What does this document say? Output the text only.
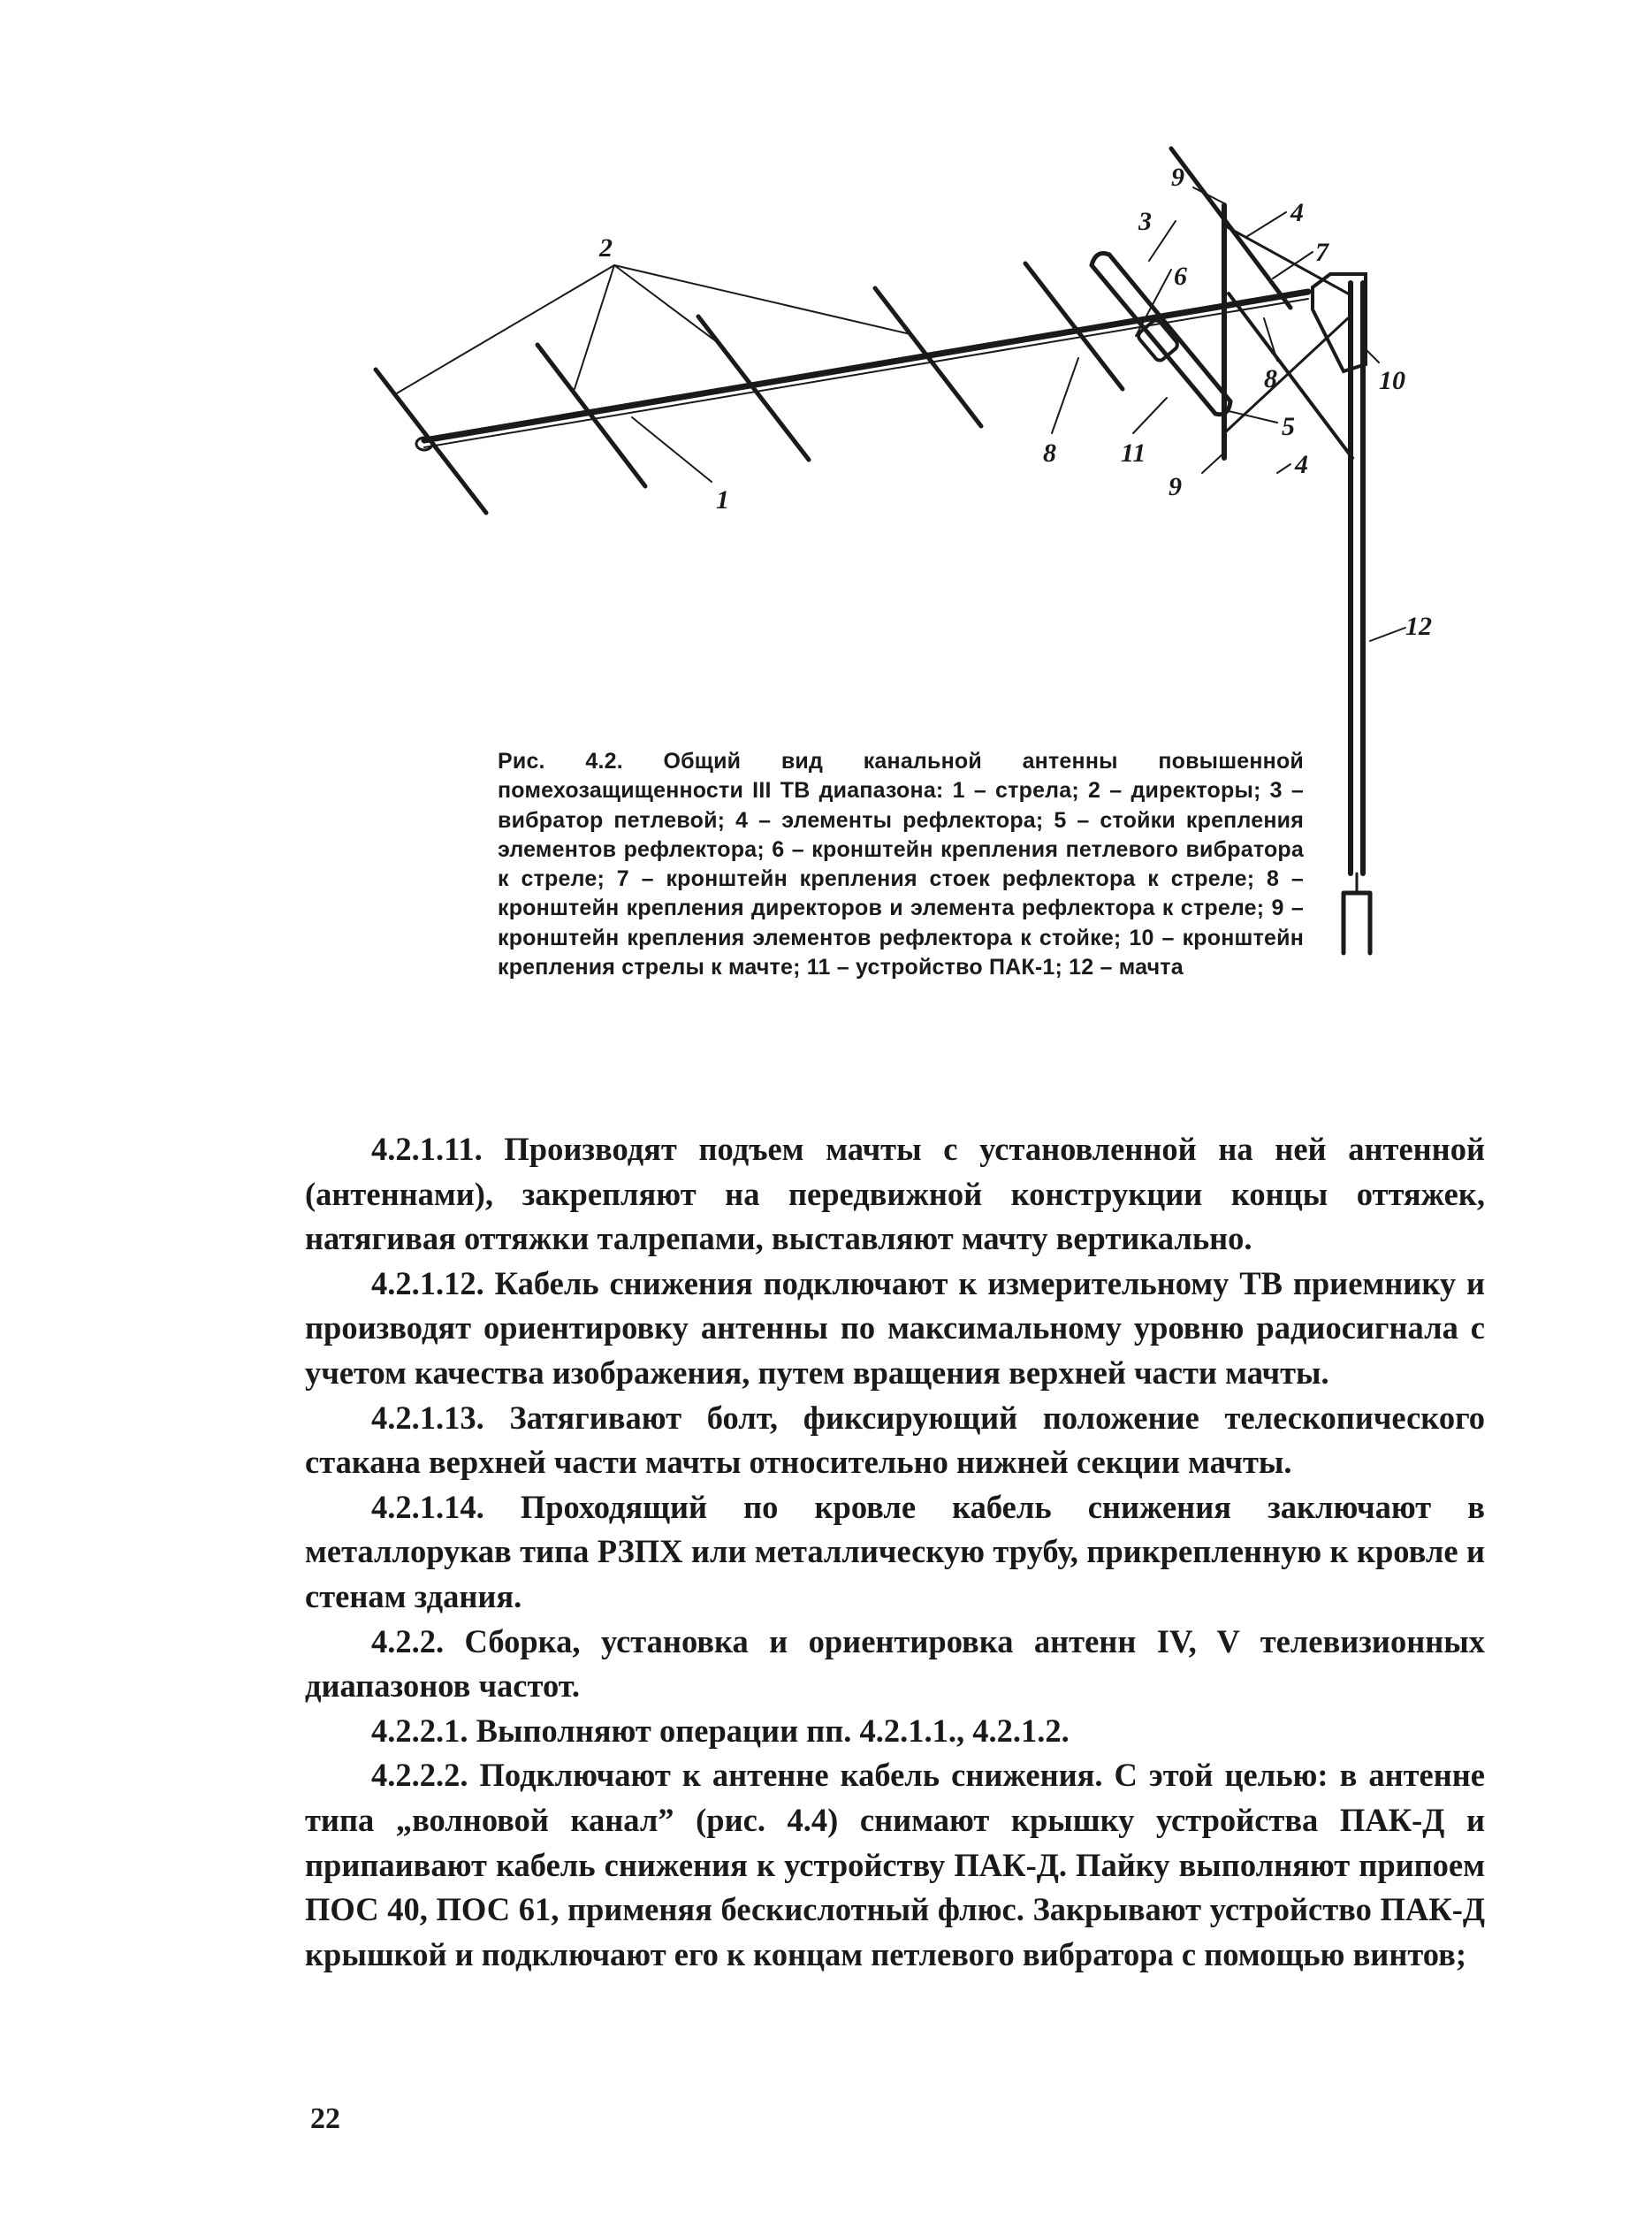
2
1
9
3	4
6
7
8	10
5
4
8 11
9
12
Рис. 4.2. Общий вид канальной антенны повышенной помехозащищенности III ТВ диапазона: 1 – стрела; 2 – директоры; 3 – вибратор петлевой; 4 – элементы рефлектора; 5 – стойки крепления элементов рефлектора; 6 – кронштейн крепления петлевого вибратора к стреле; 7 – кронштейн крепления стоек рефлектора к стреле; 8 – кронштейн крепления директоров и элемента рефлектора к стреле; 9 – кронштейн крепления элементов рефлектора к стойке; 10 – кронштейн крепления стрелы к мачте; 11 – устройство ПАК-1; 12 – мачта

4.2.1.11. Производят подъем мачты с установленной на ней антенной (антеннами), закрепляют на передвижной конструкции концы оттяжек, натягивая оттяжки талрепами, выставляют мачту вертикально.

4.2.1.12. Кабель снижения подключают к измерительному ТВ приемнику и производят ориентировку антенны по максимальному уровню радиосигнала с учетом качества изображения, путем вращения верхней части мачты.

4.2.1.13. Затягивают болт, фиксирующий положение телескопического стакана верхней части мачты относительно нижней секции мачты.

4.2.1.14. Проходящий по кровле кабель снижения заключают в металлорукав типа РЗПХ или металлическую трубу, прикрепленную к кровле и стенам здания.

4.2.2. Сборка, установка и ориентировка антенн IV, V телевизионных диапазонов частот.

4.2.2.1. Выполняют операции пп. 4.2.1.1., 4.2.1.2.

4.2.2.2. Подключают к антенне кабель снижения. С этой целью: в антенне типа „волновой канал” (рис. 4.4) снимают крышку устройства ПАК-Д и припаивают кабель снижения к устройству ПАК-Д. Пайку выполняют припоем ПОС 40, ПОС 61, применяя бескислотный флюс. Закрывают устройство ПАК-Д крышкой и подключают его к концам петлевого вибратора с помощью винтов;

22
